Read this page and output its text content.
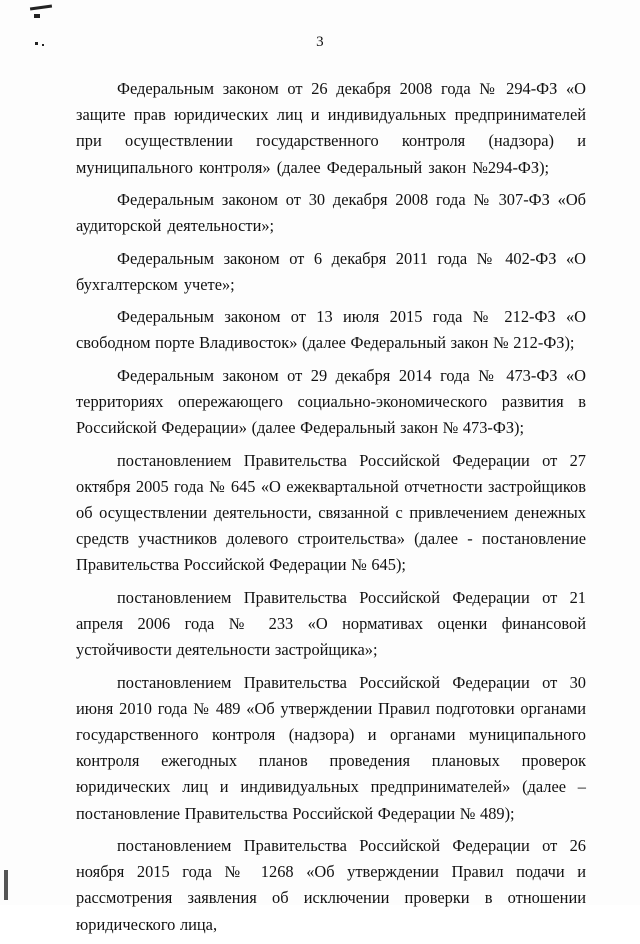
3

Федеральным законом от 26 декабря 2008 года № 294-ФЗ «О защите прав юридических лиц и индивидуальных предпринимателей при осуществлении государственного контроля (надзора) и муниципального контроля» (далее Федеральный закон №294-ФЗ);

Федеральным законом от 30 декабря 2008 года № 307-ФЗ «Об аудиторской деятельности»;

Федеральным законом от 6 декабря 2011 года № 402-ФЗ «О бухгалтерском учете»;

Федеральным законом от 13 июля 2015 года № 212-ФЗ «О свободном порте Владивосток» (далее Федеральный закон № 212-ФЗ);

Федеральным законом от 29 декабря 2014 года № 473-ФЗ «О территориях опережающего социально-экономического развития в Российской Федерации» (далее Федеральный закон № 473-ФЗ);

постановлением Правительства Российской Федерации от 27 октября 2005 года № 645 «О ежеквартальной отчетности застройщиков об осуществлении деятельности, связанной с привлечением денежных средств участников долевого строительства» (далее - постановление Правительства Российской Федерации № 645);

постановлением Правительства Российской Федерации от 21 апреля 2006 года № 233 «О нормативах оценки финансовой устойчивости деятельности застройщика»;

постановлением Правительства Российской Федерации от 30 июня 2010 года № 489 «Об утверждении Правил подготовки органами государственного контроля (надзора) и органами муниципального контроля ежегодных планов проведения плановых проверок юридических лиц и индивидуальных предпринимателей» (далее – постановление Правительства Российской Федерации № 489);

постановлением Правительства Российской Федерации от 26 ноября 2015 года № 1268 «Об утверждении Правил подачи и рассмотрения заявления об исключении проверки в отношении юридического лица,
